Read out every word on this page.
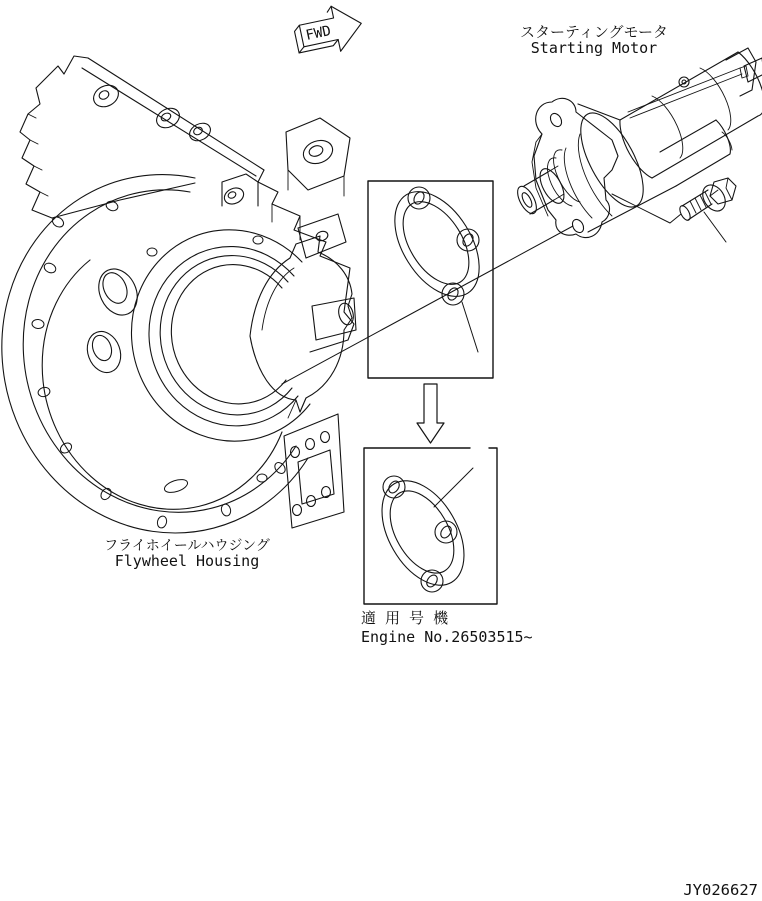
FWD	スターティングモータ
Starting Motor
フライホイールハウジング
Flywheel Housing
適 用 号 機
Engine No.26503515~
JY026627
